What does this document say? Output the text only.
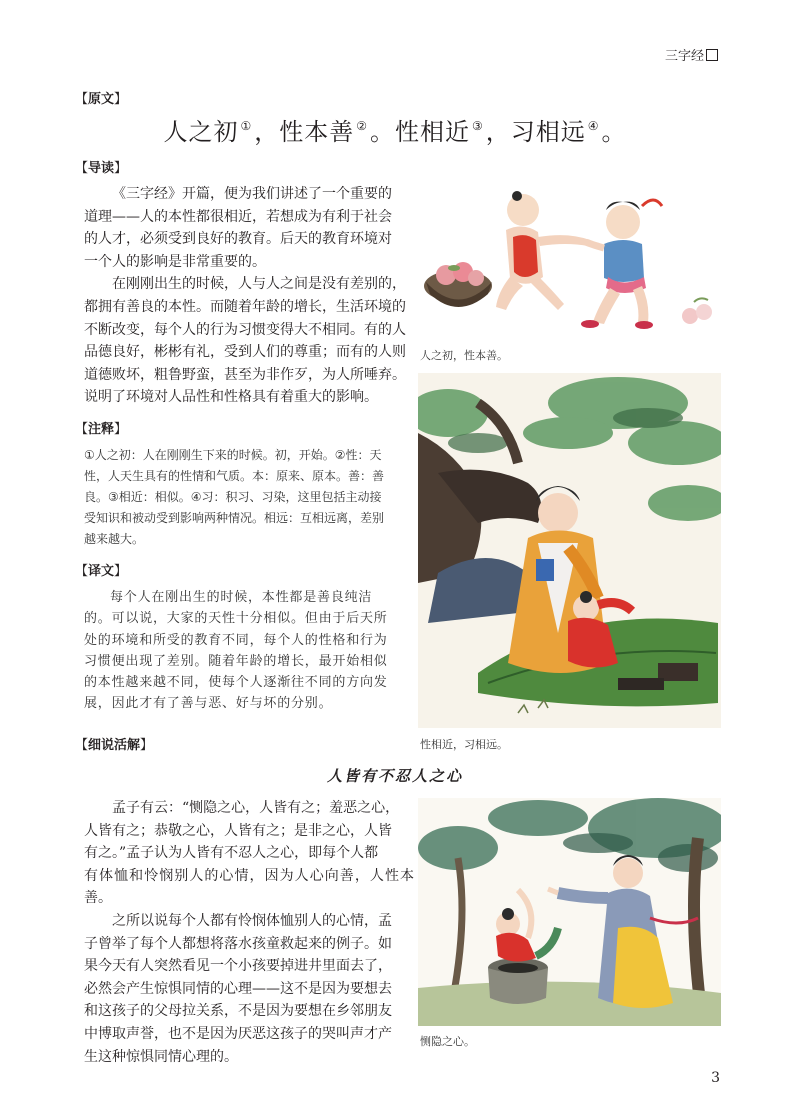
三字经
【原文】
人之初 ①，性本善 ②。性相近 ③，习相远 ④。
【导读】
《三字经》开篇，便为我们讲述了一个重要的
道理——人的本性都很相近，若想成为有利于社会
的人才，必须受到良好的教育。后天的教育环境对
一个人的影响是非常重要的。
在刚刚出生的时候，人与人之间是没有差别的，
都拥有善良的本性。而随着年龄的增长，生活环境的
不断改变，每个人的行为习惯变得大不相同。有的人
品德良好，彬彬有礼，受到人们的尊重；而有的人则
道德败坏，粗鲁野蛮，甚至为非作歹，为人所唾弃。
说明了环境对人品性和性格具有着重大的影响。
【注释】
①人之初：人在刚刚生下来的时候。初，开始。②性：天
性，人天生具有的性情和气质。本：原来、原本。善：善
良。③相近：相似。④习：积习、习染，这里包括主动接
受知识和被动受到影响两种情况。相远：互相远离，差别
越来越大。
【译文】
每个人在刚出生的时候，本性都是善良纯洁
的。可以说，大家的天性十分相似。但由于后天所
处的环境和所受的教育不同，每个人的性格和行为
习惯便出现了差别。随着年龄的增长，最开始相似
的本性越来越不同，使每个人逐渐往不同的方向发
展，因此才有了善与恶、好与坏的分别。
【细说活解】
人皆有不忍人之心
孟子有云：“恻隐之心，人皆有之；羞恶之心，
人皆有之；恭敬之心，人皆有之；是非之心，人皆
有之。”孟子认为人皆有不忍人之心，即每个人都
有体恤和怜悯别人的心情，因为人心向善，人性本善。
之所以说每个人都有怜悯体恤别人的心情，孟
子曾举了每个人都想将落水孩童救起来的例子。如
果今天有人突然看见一个小孩要掉进井里面去了，
必然会产生惊惧同情的心理——这不是因为要想去
和这孩子的父母拉关系，不是因为要想在乡邻朋友
中博取声誉，也不是因为厌恶这孩子的哭叫声才产
生这种惊惧同情心理的。
人之初，性本善。
性相近，习相远。
恻隐之心。
3
